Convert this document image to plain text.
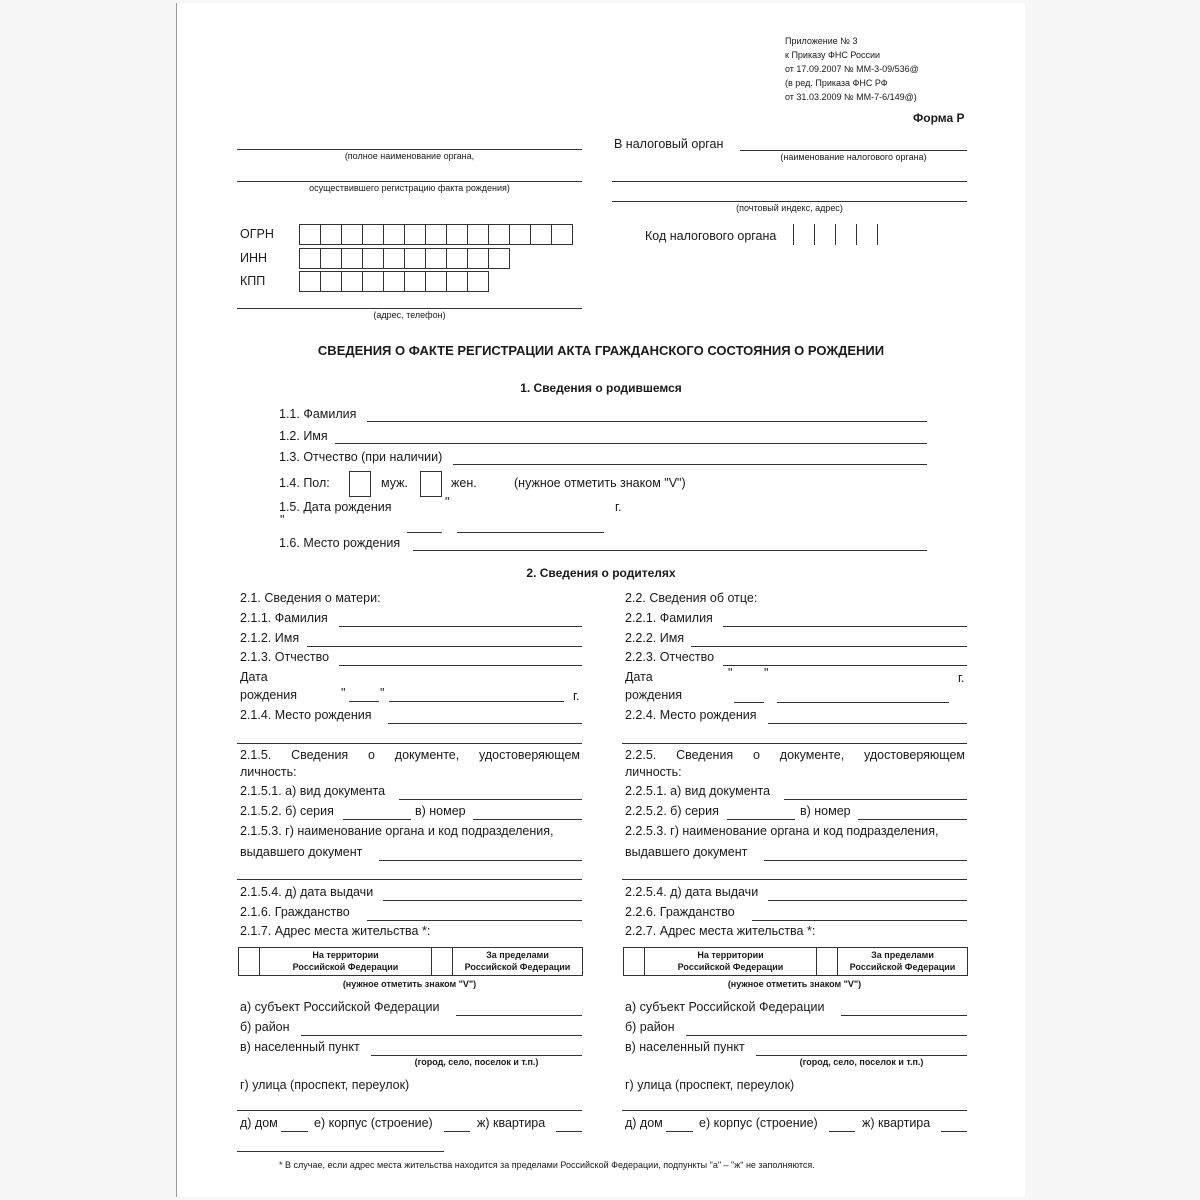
Приложение № 3
к Приказу ФНС России
от 17.09.2007 № ММ-3-09/536@
(в ред. Приказа ФНС РФ
от 31.03.2009 № ММ-7-6/149@)
Форма Р
(полное наименование органа,
осуществившего регистрацию факта рождения)
В налоговый орган
(наименование налогового органа)
(почтовый индекс, адрес)
ОГРН
ИНН
КПП
(адрес, телефон)
Код налогового органа
СВЕДЕНИЯ О ФАКТЕ РЕГИСТРАЦИИ АКТА ГРАЖДАНСКОГО СОСТОЯНИЯ О РОЖДЕНИИ
1. Сведения о родившемся
1.1. Фамилия
1.2. Имя
1.3. Отчество (при наличии)
1.4. Пол:	муж.	жен.	(нужное отметить знаком "V")
1.5. Дата рождения	"	г.
"
1.6. Место рождения
2. Сведения о родителях
2.1. Сведения о матери:
2.1.1. Фамилия
2.1.2. Имя
2.1.3. Отчество
Дата
рождения	"	"	г.
2.1.4. Место рождения
2.1.5. Сведения о документе, удостоверяющем
личность:
2.1.5.1. а) вид документа
2.1.5.2. б) серия	в) номер
2.1.5.3. г) наименование органа и код подразделения,
выдавшего документ
2.1.5.4. д) дата выдачи
2.1.6. Гражданство
2.1.7. Адрес места жительства *:
На территории
Российской Федерации
За пределами
Российской Федерации
(нужное отметить знаком "V")
а) субъект Российской Федерации
б) район
в) населенный пункт
(город, село, поселок и т.п.)
г) улица (проспект, переулок)
д) дом	е) корпус (строение)	ж) квартира
2.2. Сведения об отце:
2.2.1. Фамилия
2.2.2. Имя
2.2.3. Отчество
Дата	"	"	г.
рождения
2.2.4. Место рождения
2.2.5. Сведения о документе, удостоверяющем
личность:
2.2.5.1. а) вид документа
2.2.5.2. б) серия	в) номер
2.2.5.3. г) наименование органа и код подразделения,
выдавшего документ
2.2.5.4. д) дата выдачи
2.2.6. Гражданство
2.2.7. Адрес места жительства *:
На территории
Российской Федерации
За пределами
Российской Федерации
(нужное отметить знаком "V")
а) субъект Российской Федерации
б) район
в) населенный пункт
(город, село, поселок и т.п.)
г) улица (проспект, переулок)
д) дом	е) корпус (строение)	ж) квартира
* В случае, если адрес места жительства находится за пределами Российской Федерации, подпункты "а" – "ж" не заполняются.
